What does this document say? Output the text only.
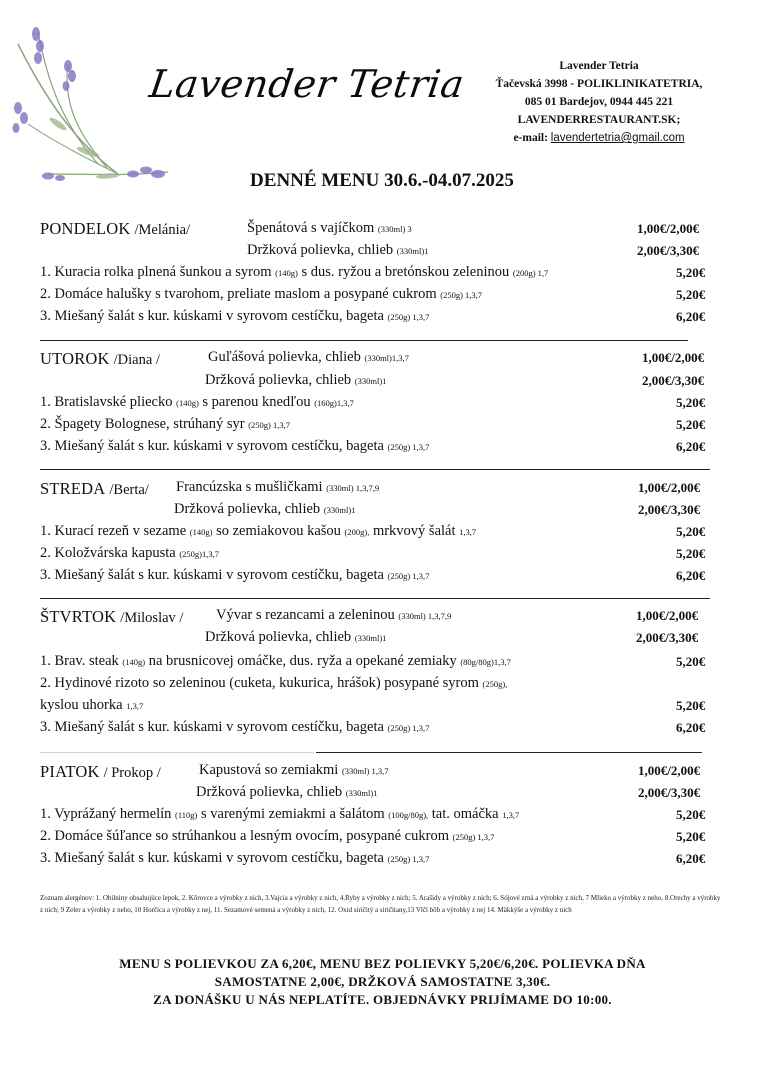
Lavender Tetria	Lavender Tetria
Ťačevská 3998 - POLIKLINIKATETRIA,
085 01 Bardejov, 0944 445 221
LAVENDERRESTAURANT.SK;
e-mail: lavendertetria@gmail.com
DENNÉ MENU 30.6.-04.07.2025
PONDELOK /Melánia/	Špenátová s vajíčkom (330ml) 3	1,00€/2,00€
Držková polievka, chlieb (330ml)1	2,00€/3,30€
1. Kuracia rolka plnená šunkou a syrom (140g) s dus. ryžou a bretónskou zeleninou (200g) 1,7	5,20€
2. Domáce halušky s tvarohom, preliate maslom a posypané cukrom (250g) 1,3,7	5,20€
3. Miešaný šalát s kur. kúskami v syrovom cestíčku, bageta (250g) 1,3,7	6,20€
UTOROK /Diana /	Guľášová polievka, chlieb (330ml)1,3,7	1,00€/2,00€
Držková polievka, chlieb (330ml)1	2,00€/3,30€
1. Bratislavské pliecko (140g) s parenou knedľou (160g)1,3,7	5,20€
2. Špagety Bolognese, strúhaný syr (250g) 1,3,7	5,20€
3. Miešaný šalát s kur. kúskami v syrovom cestíčku, bageta (250g) 1,3,7	6,20€
STREDA /Berta/ Francúzska s mušličkami (330ml) 1,3,7,9	1,00€/2,00€
Držková polievka, chlieb (330ml)1	2,00€/3,30€
1. Kurací rezeň v sezame (140g) so zemiakovou kašou (200g), mrkvový šalát 1,3,7	5,20€
2. Koložvárska kapusta (250g)1,3,7	5,20€
3. Miešaný šalát s kur. kúskami v syrovom cestíčku, bageta (250g) 1,3,7	6,20€
ŠTVRTOK /Miloslav / Vývar s rezancami a zeleninou (330ml) 1,3,7,9	1,00€/2,00€
Držková polievka, chlieb (330ml)1	2,00€/3,30€
1. Brav. steak (140g) na brusnicovej omáčke, dus. ryža a opekané zemiaky (80g/80g)1,3,7	5,20€
2. Hydinové rizoto so zeleninou (cuketa, kukurica, hrášok) posypané syrom (250g),
kyslou uhorka 1,3,7	5,20€
3. Miešaný šalát s kur. kúskami v syrovom cestíčku, bageta (250g) 1,3,7	6,20€
PIATOK / Prokop /	Kapustová so zemiakmi (330ml) 1,3,7	1,00€/2,00€
Držková polievka, chlieb (330ml)1	2,00€/3,30€
1. Vyprážaný hermelín (110g) s varenými zemiakmi a šalátom (100g/80g), tat. omáčka 1,3,7	5,20€
2. Domáce šúľance so strúhankou a lesným ovocím, posypané cukrom (250g) 1,3,7	5,20€
3. Miešaný šalát s kur. kúskami v syrovom cestíčku, bageta (250g) 1,3,7	6,20€
Zoznam alergénov: 1. Obilniny obsahujúce lepok, 2. Kôrovce a výrobky z nich, 3.Vajcia a výrobky z nich, 4.Ryby a výrobky z nich; 5. Arašidy a výrobky z nich; 6. Sójové zrná a výrobky z nich, 7 Mlieko a výrobky z neho, 8.Orechy a výrobky z nich; 9 Zeler a výrobky z neho, 10 Horčica a výrobky z nej, 11. Sezamové semená a výrobky z nich, 12. Oxid siričitý a siričitany,13 Vlčí bôb a výrobky z nej 14. Mäkkýše a výrobky z nich
MENU S POLIEVKOU ZA 6,20€, MENU BEZ POLIEVKY 5,20€/6,20€. POLIEVKA DŇA
SAMOSTATNE 2,00€, DRŽKOVÁ SAMOSTATNE 3,30€.
ZA DONÁŠKU U NÁS NEPLATÍTE. OBJEDNÁVKY PRIJÍMAME DO 10:00.
